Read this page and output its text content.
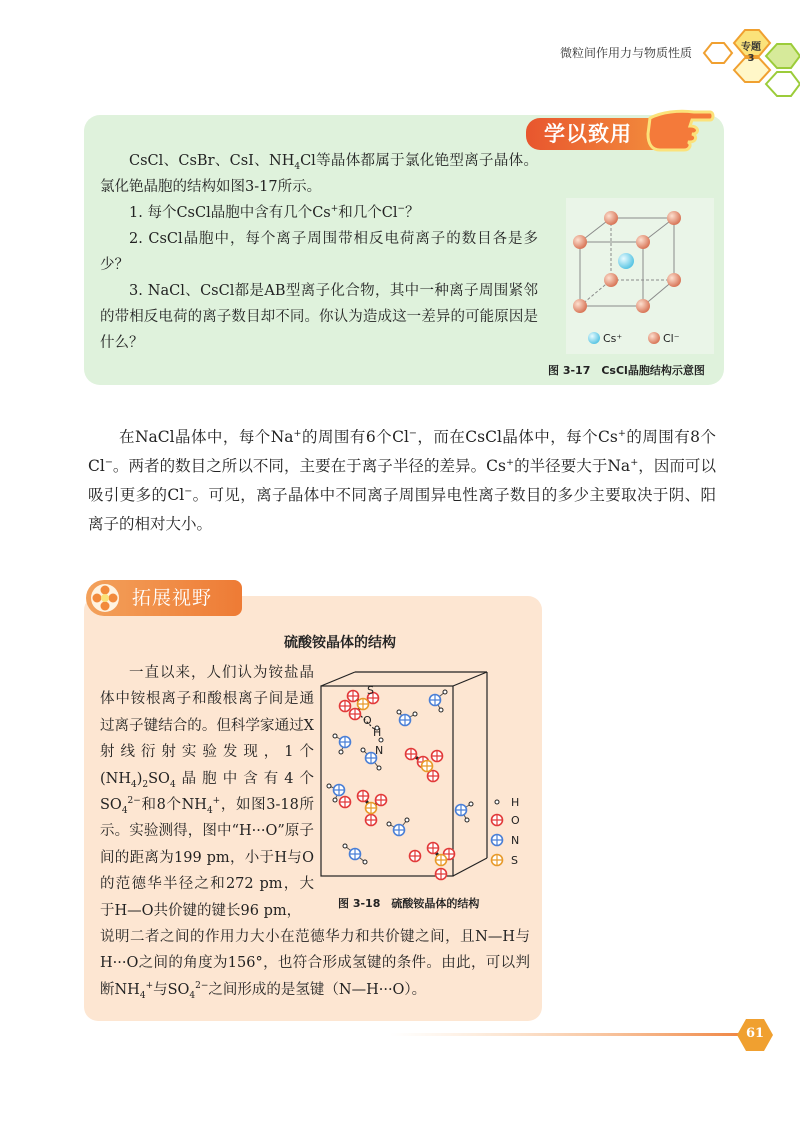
微粒间作用力与物质性质	专题
3
学以致用

CsCl、CsBr、CsI、$NH_4Cl$等晶体都属于氯化铯型离子晶体。氯化铯晶胞的结构如图3-17所示。

1. 每个CsCl晶胞中含有几个Cs+和几个Cl−？

2. CsCl晶胞中，每个离子周围带相反电荷离子的数目各是多少？

3. NaCl、CsCl都是AB型离子化合物，其中一种离子周围紧邻的带相反电荷的离子数目却不同。你认为造成这一差异的可能原因是什么？	Cs⁺	Cl⁻
图 3-17　CsCl晶胞结构示意图

在NaCl晶体中，每个Na+的周围有6个Cl−，而在CsCl晶体中，每个Cs+的周围有8个Cl−。两者的数目之所以不同，主要在于离子半径的差异。Cs+的半径要大于Na+，因而可以吸引更多的Cl−。可见，离子晶体中不同离子周围异电性离子数目的多少主要取决于阴、阳离子的相对大小。

拓展视野
硫酸铵晶体的结构

一直以来，人们认为铵盐晶体中铵根离子和酸根离子间是通过离子键结合的。但科学家通过X射线衍射实验发现，1个$(NH_4)_2SO_4$晶胞中含有4个$SO_4^{2-}$和8个$NH_4^+$，如图3-18所示。实验测得，图中“H···O”原子间的距离为199 pm，小于H与O的范德华半径之和272 pm，大于H—O共价键的键长96 pm，

说明二者之间的作用力大小在范德华力和共价键之间，且N—H与H···O之间的角度为156°，也符合形成氢键的条件。由此，可以判断$NH_4^+$与$SO_4^{2-}$之间形成的是氢键（N—H···O）。

S
O
H
N
H
O
N
S
图 3-18　硫酸铵晶体的结构
61
